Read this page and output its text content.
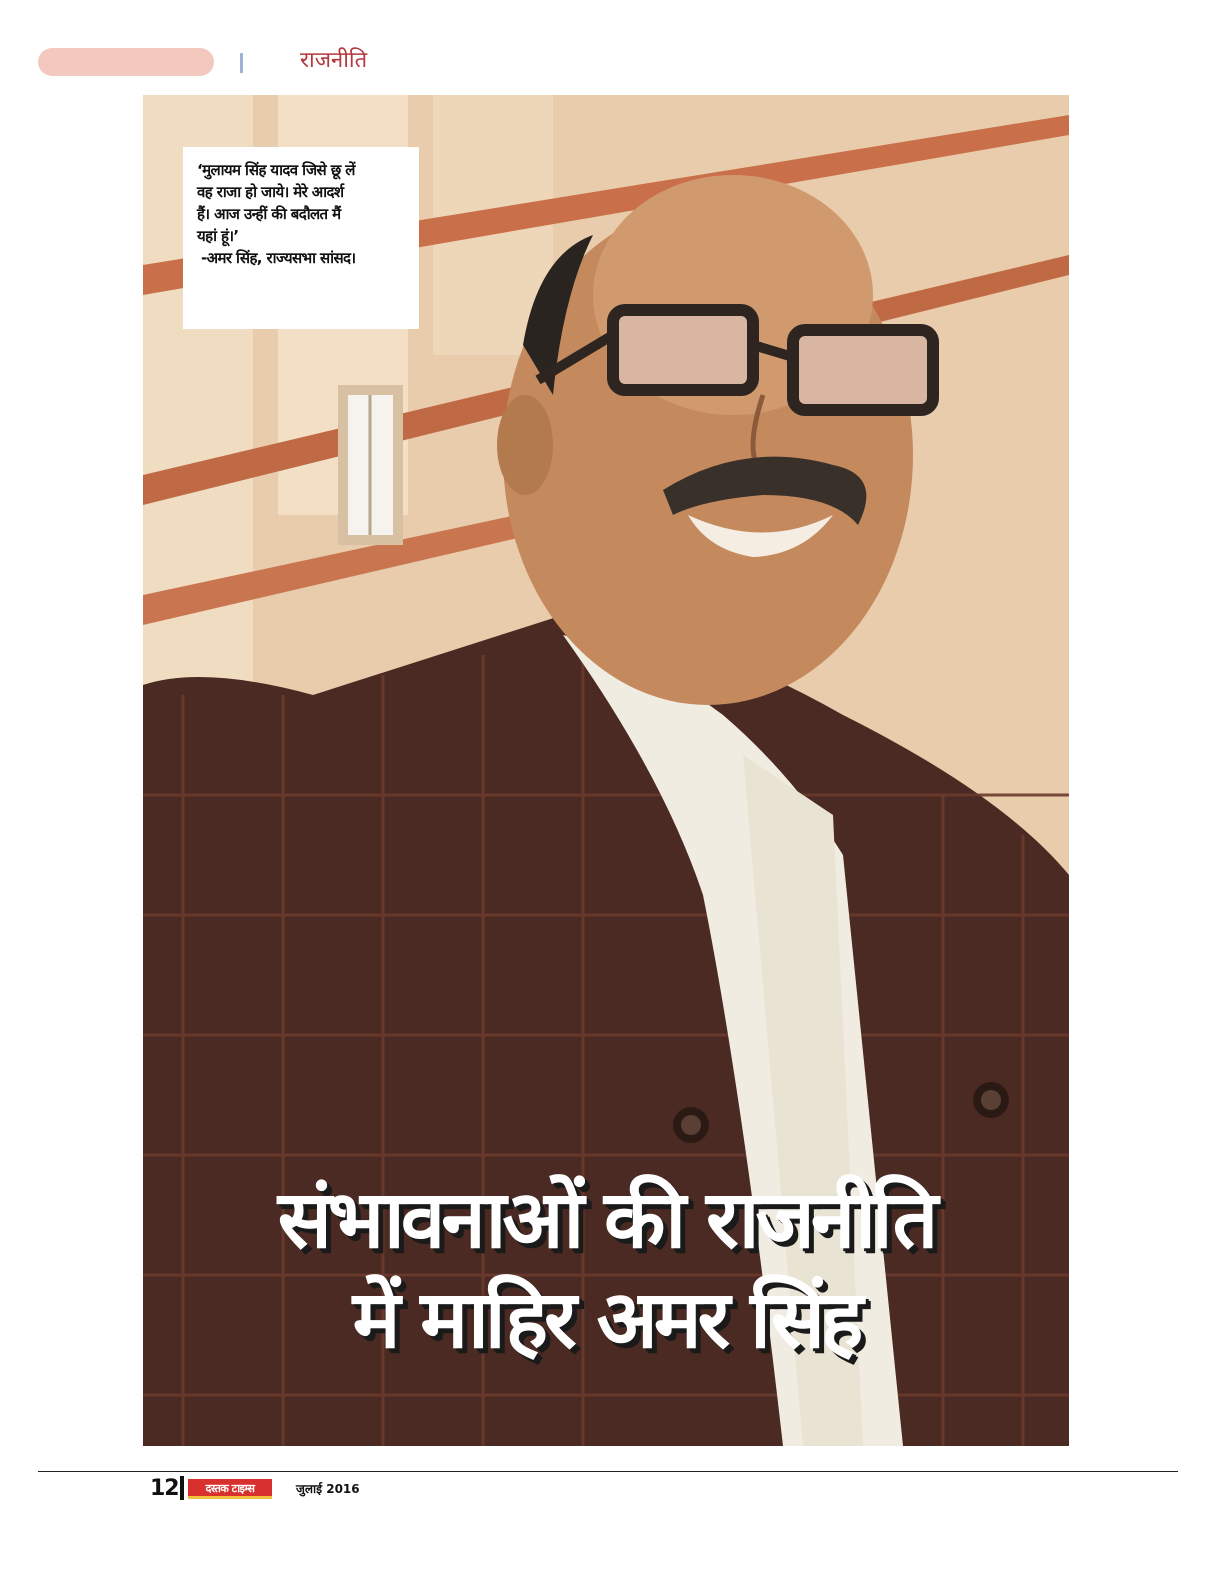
राजनीति
‘मुलायम सिंह यादव जिसे छू लें
वह राजा हो जाये। मेरे आदर्श
हैं। आज उन्हीं की बदौलत मैं
यहां हूं।’
-अमर सिंह, राज्यसभा सांसद।
संभावनाओं की राजनीति
में माहिर अमर सिंह
12	दस्तक टाइम्स	जुलाई 2016
